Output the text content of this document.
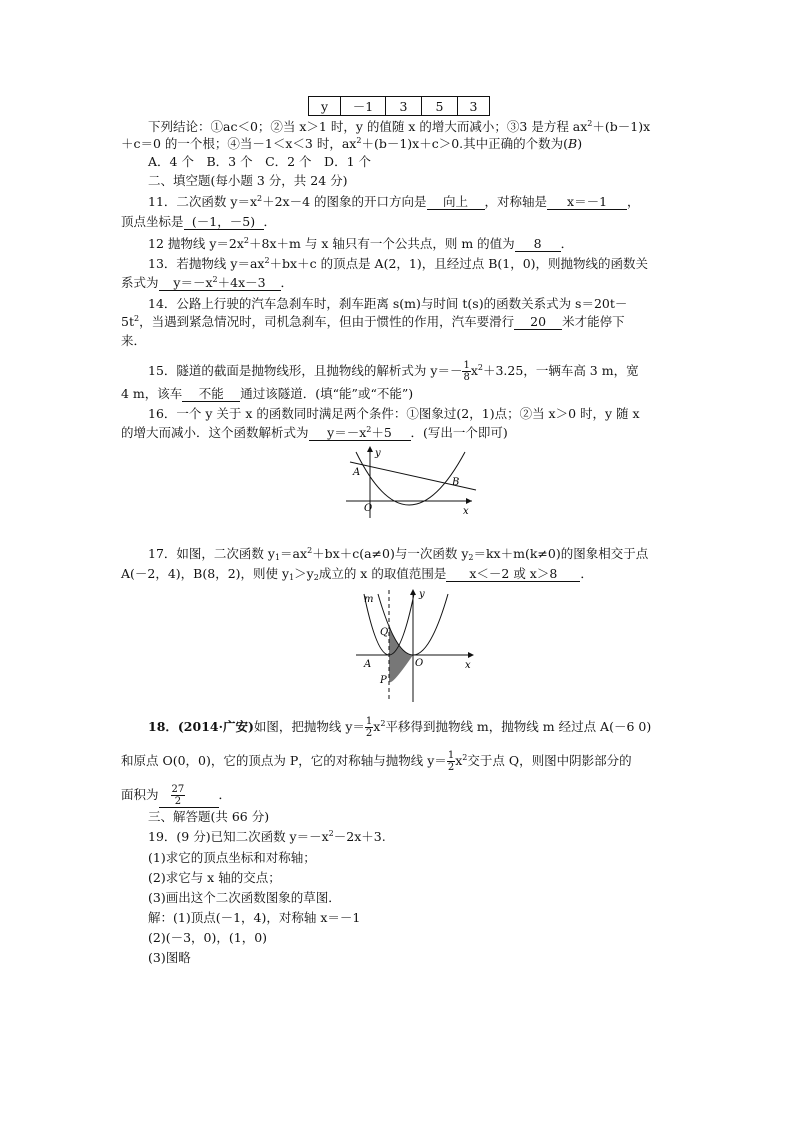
y	－1	3	5	3
下列结论：①ac＜0；②当 x＞1 时，y 的值随 x 的增大而减小；③3 是方程 $ax^2+(b-1)x$
＋c＝0 的一个根；④当－1＜x＜3 时，$ax^2+(b-1)x+c>0$.其中正确的个数为(B)
A．4 个　B．3 个　C．2 个　D．1 个
二、填空题(每小题 3 分，共 24 分)
11．二次函数 $y=x^2+2x-4$ 的图象的开口方向是 向上 ，对称轴是 x＝－1 ，
顶点坐标是 (－1，－5) ．
12 抛物线 $y=2x^2+8x+m$ 与 x 轴只有一个公共点，则 m 的值为 8 ．
13．若抛物线 $y=ax^2+bx+c$ 的顶点是 A(2，1)，且经过点 B(1，0)，则抛物线的函数关
系式为 $y=-x^2+4x-3$ ．
14．公路上行驶的汽车急刹车时，刹车距离 s(m)与时间 t(s)的函数关系式为 s＝20t－
$5t^2$，当遇到紧急情况时，司机急刹车，但由于惯性的作用，汽车要滑行 20 米才能停下
来．
15．隧道的截面是抛物线形，且抛物线的解析式为 $y=- \frac{1}{8} x^2+3.25$，一辆车高 3 m，宽
4 m，该车 不能 通过该隧道．(填“能”或“不能”)
16．一个 y 关于 x 的函数同时满足两个条件：①图象过(2，1)点；②当 x＞0 时，y 随 x
的增大而减小．这个函数解析式为 $y=-x^2+5$ ．(写出一个即可)
y
x
O
A
B
17．如图，二次函数 $y_1=ax^2+bx+c(a\ne 0)$与一次函数 $y_2=kx+m(k\ne 0)$的图象相交于点
A(－2，4)，B(8，2)，则使 $y_1>y_2$成立的 x 的取值范围是 x＜－2 或 x＞8 ．
m	y
x
O
Q
A
P
18．(2014·广安)如图，把抛物线 $y= \frac{1}{2} x^2$平移得到抛物线 m，抛物线 m 经过点 A(－6 0)
和原点 O(0，0)，它的顶点为 P，它的对称轴与抛物线 $y= \frac{1}{2} x^2$交于点 Q，则图中阴影部分的
面积为 $\frac{27}{2}$	．
三、解答题(共 66 分)
19．(9 分)已知二次函数 $y=-x^2-2x+3$.
(1)求它的顶点坐标和对称轴；
(2)求它与 x 轴的交点；
(3)画出这个二次函数图象的草图．
解：(1)顶点(－1，4)，对称轴 x＝－1
(2)(－3，0)，(1，0)
(3)图略
